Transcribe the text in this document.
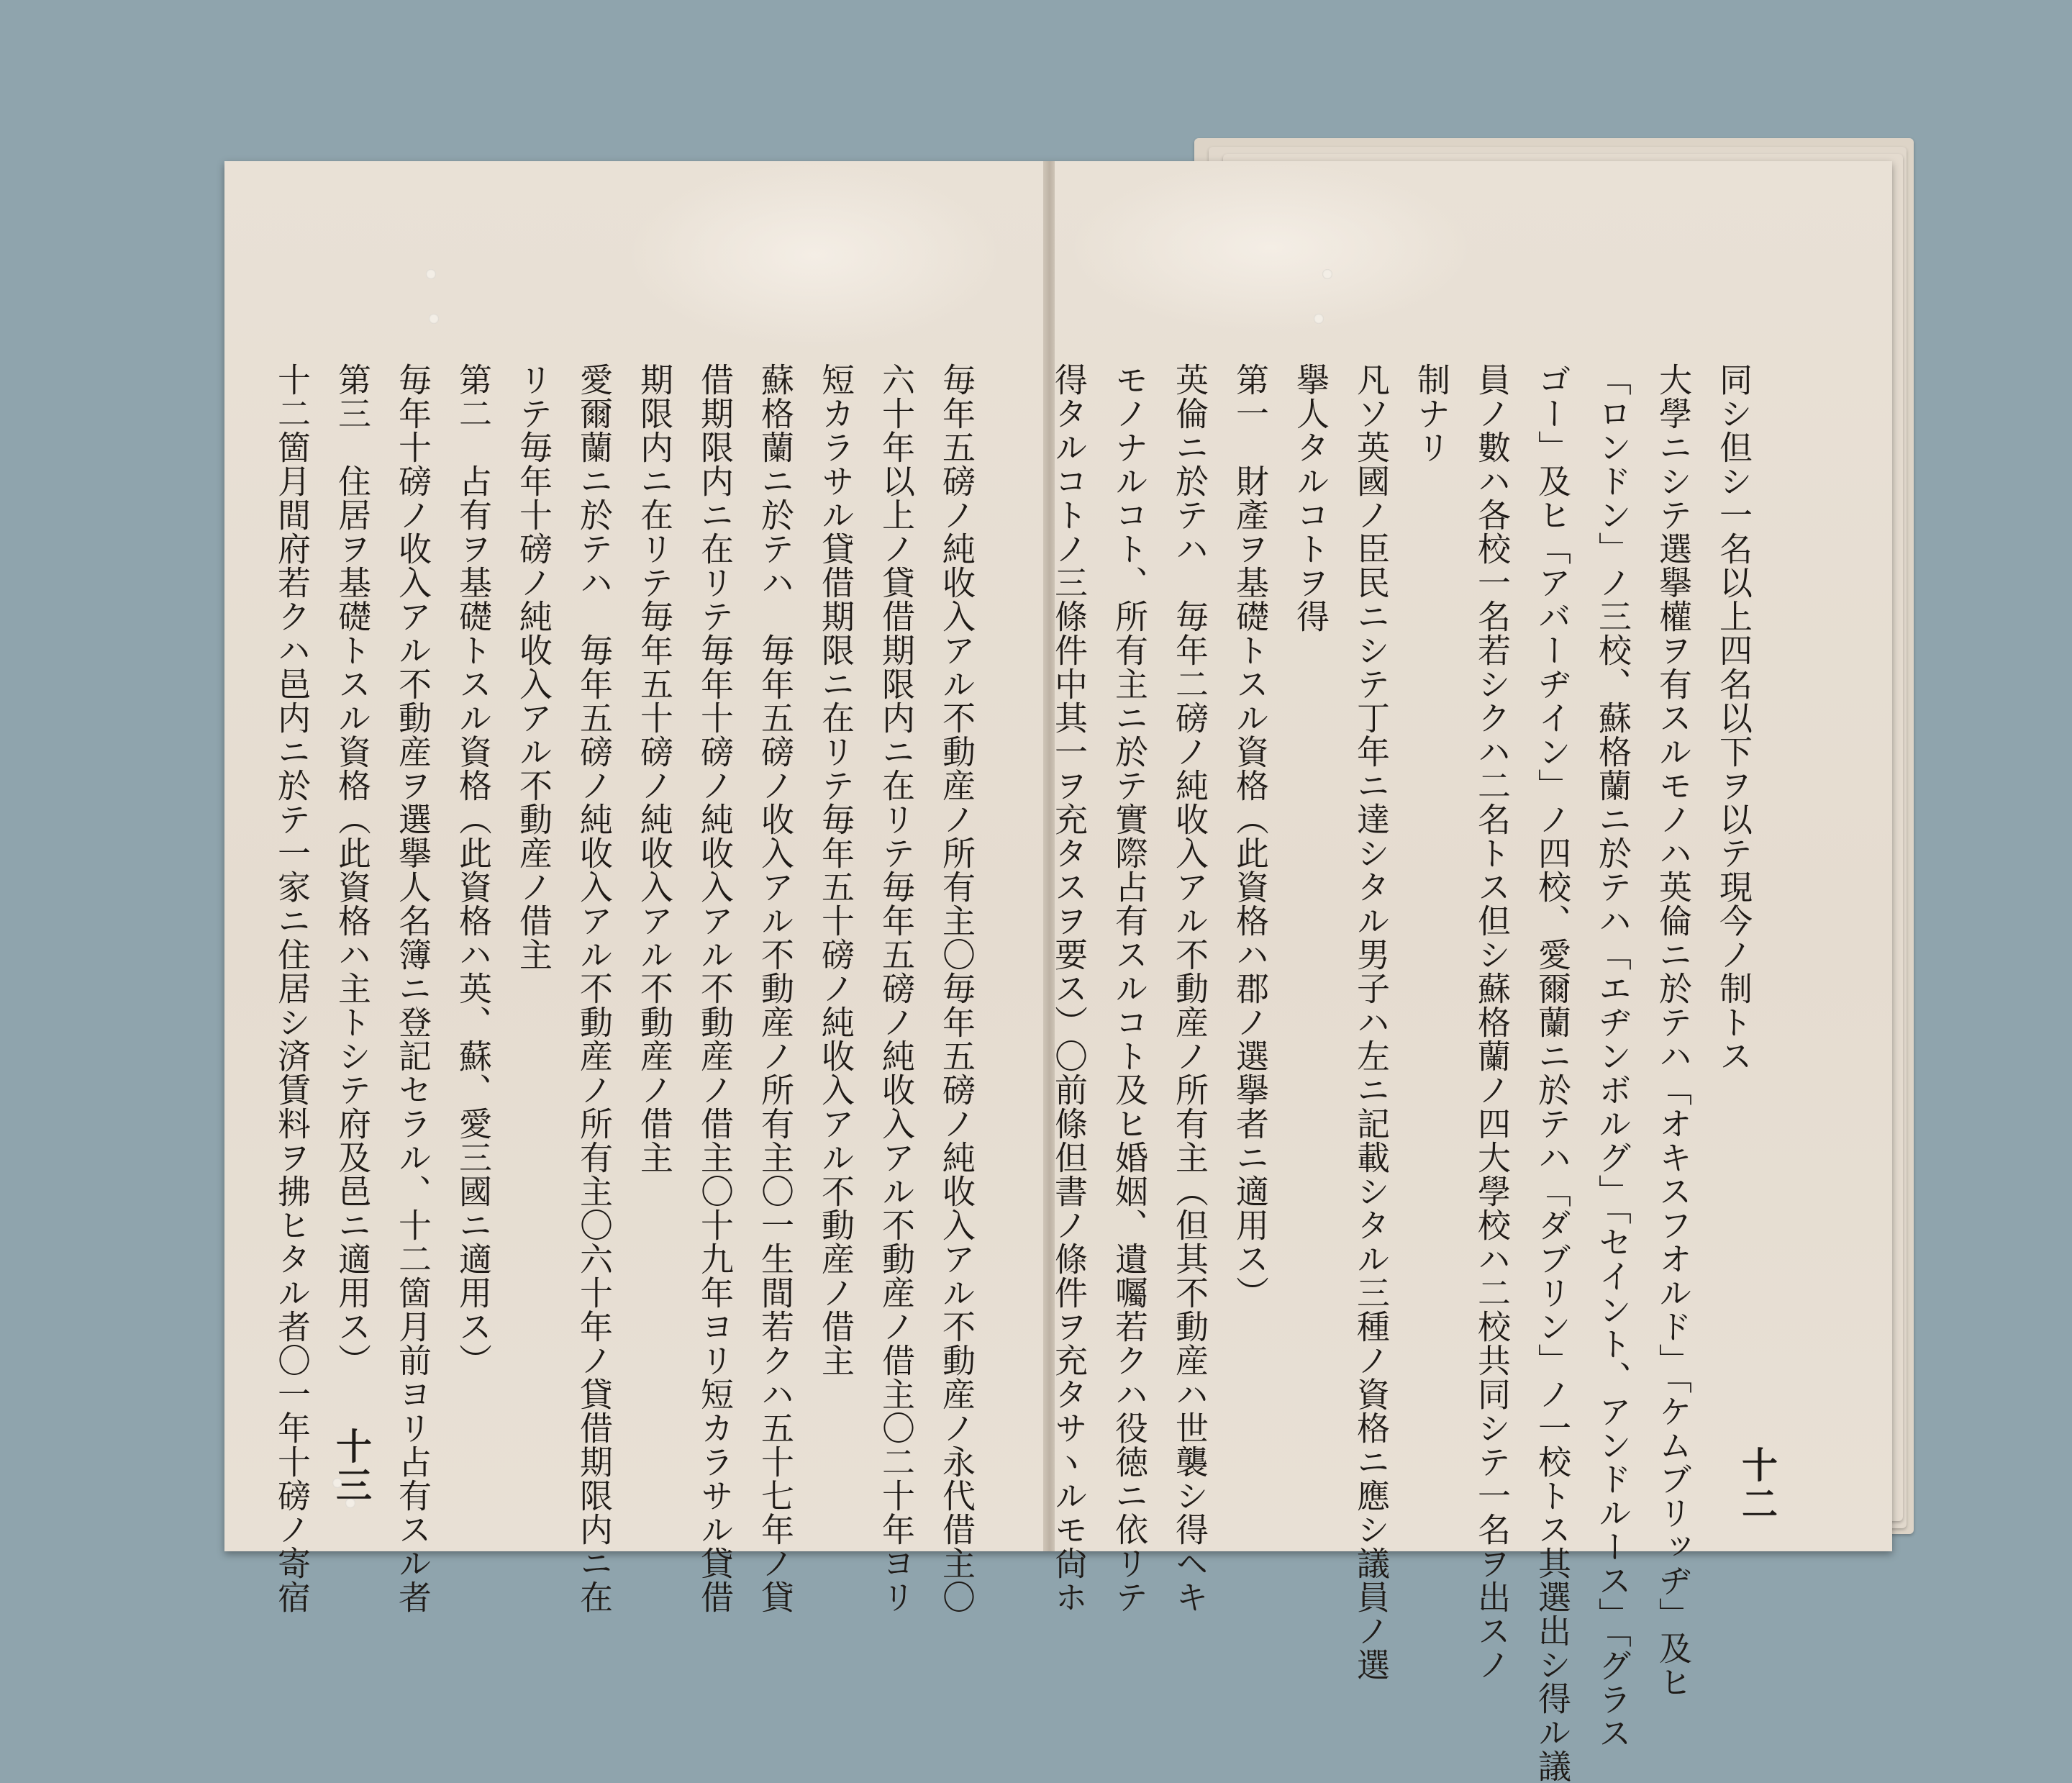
毎年五磅ノ純收入アル不動産ノ所有主〇毎年五磅ノ純收入アル不動産ノ永代借主〇

六十年以上ノ貸借期限内ニ在リテ毎年五磅ノ純收入アル不動産ノ借主〇二十年ヨリ

短カラサル貸借期限ニ在リテ毎年五十磅ノ純收入アル不動産ノ借主

蘇格蘭ニ於テハ　毎年五磅ノ收入アル不動産ノ所有主〇一生間若クハ五十七年ノ貸

借期限内ニ在リテ毎年十磅ノ純收入アル不動産ノ借主〇十九年ヨリ短カラサル貸借

期限内ニ在リテ毎年五十磅ノ純收入アル不動産ノ借主

愛爾蘭ニ於テハ　毎年五磅ノ純收入アル不動産ノ所有主〇六十年ノ貸借期限内ニ在

リテ毎年十磅ノ純收入アル不動産ノ借主

第二　占有ヲ基礎トスル資格（此資格ハ英、蘇、愛三國ニ適用ス）

毎年十磅ノ收入アル不動産ヲ選擧人名簿ニ登記セラル、十二箇月前ヨリ占有スル者

第三　住居ヲ基礎トスル資格（此資格ハ主トシテ府及邑ニ適用ス）

十二箇月間府若クハ邑内ニ於テ一家ニ住居シ済賃料ヲ拂ヒタル者〇一年十磅ノ寄宿	同シ但シ一名以上四名以下ヲ以テ現今ノ制トス

大學ニシテ選擧權ヲ有スルモノハ英倫ニ於テハ「オキスフオルド」「ケムブリッヂ」及ヒ

「ロンドン」ノ三校、蘇格蘭ニ於テハ「エヂンボルグ」「セイント、アンドルース」「グラス

ゴー」及ヒ「アバーヂイン」ノ四校、愛爾蘭ニ於テハ「ダブリン」ノ一校トス其選出シ得ル議

員ノ數ハ各校一名若シクハ二名トス但シ蘇格蘭ノ四大學校ハ二校共同シテ一名ヲ出スノ

制ナリ

凡ソ英國ノ臣民ニシテ丁年ニ達シタル男子ハ左ニ記載シタル三種ノ資格ニ應シ議員ノ選

擧人タルコトヲ得

第一　財產ヲ基礎トスル資格（此資格ハ郡ノ選擧者ニ適用ス）

英倫ニ於テハ　毎年二磅ノ純收入アル不動産ノ所有主（但其不動産ハ世襲シ得ヘキ

モノナルコト、所有主ニ於テ實際占有スルコト及ヒ婚姻、遺囑若クハ役徳ニ依リテ

得タルコトノ三條件中其一ヲ充タスヲ要ス）〇前條但書ノ條件ヲ充タサヽルモ尙ホ

十三	十二
